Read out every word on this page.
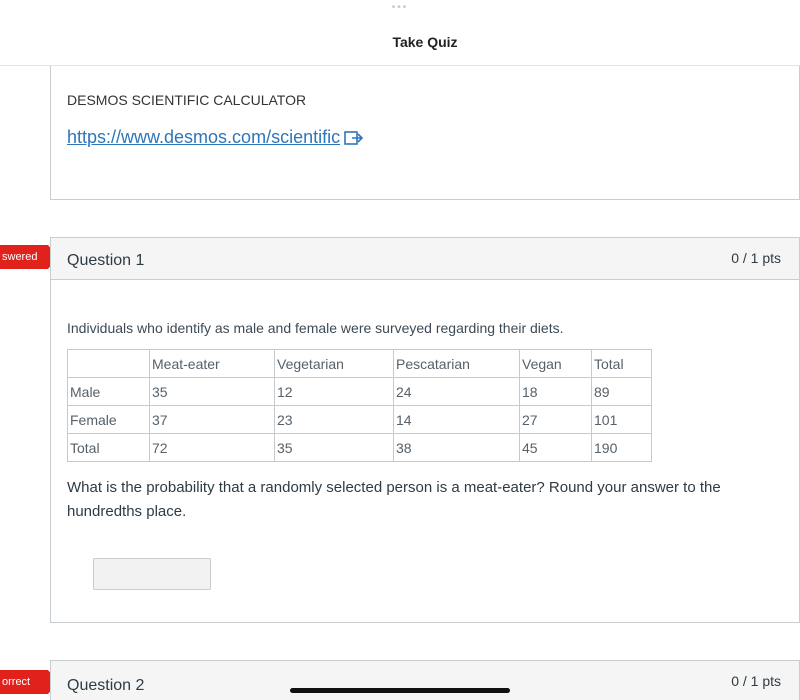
•••
Take Quiz
DESMOS SCIENTIFIC CALCULATOR
https://www.desmos.com/scientific
swered	Question 1	0 / 1 pts
Individuals who identify as male and female were surveyed regarding their diets.
	Meat-eater	Vegetarian	Pescatarian	Vegan	Total
Male	35	12	24	18	89
Female	37	23	14	27	101
Total	72	35	38	45	190
What is the probability that a randomly selected person is a meat-eater? Round your answer to the hundredths place.
orrect	Question 2	0 / 1 pts
